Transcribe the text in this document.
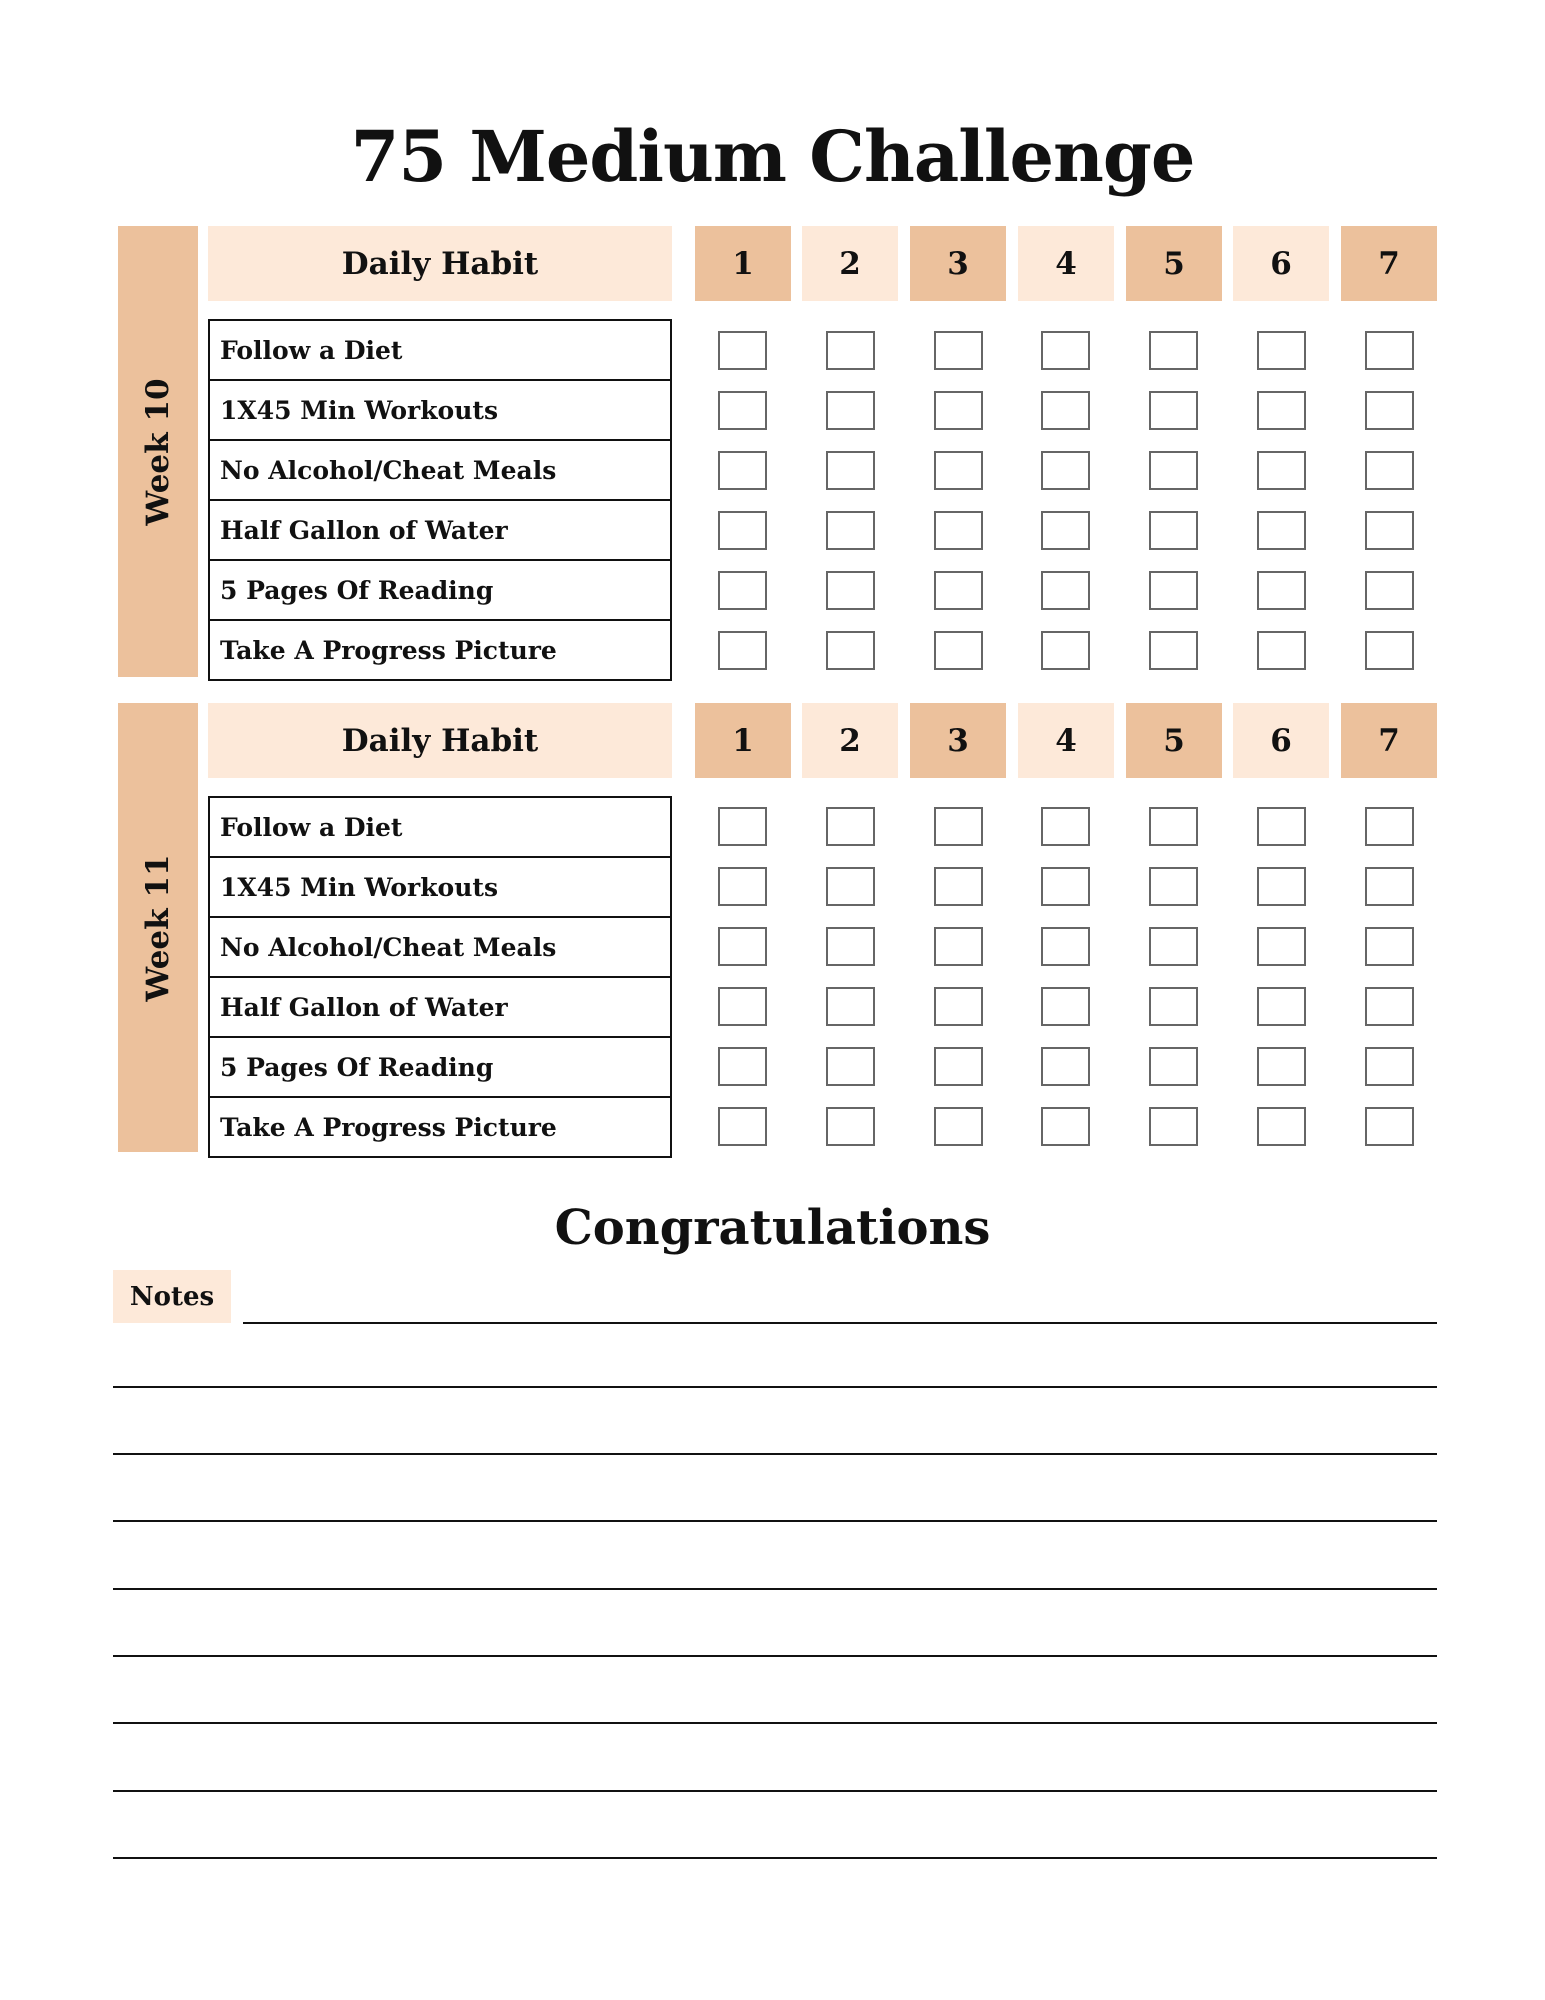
75 Medium Challenge
Week 10
Daily Habit	1	2	3	4	5	6	7
Follow a Diet
1X45 Min Workouts
No Alcohol/Cheat Meals
Half Gallon of Water
5 Pages Of Reading
Take A Progress Picture
Week 11
Daily Habit	1	2	3	4	5	6	7
Follow a Diet
1X45 Min Workouts
No Alcohol/Cheat Meals
Half Gallon of Water
5 Pages Of Reading
Take A Progress Picture
Congratulations
Notes
